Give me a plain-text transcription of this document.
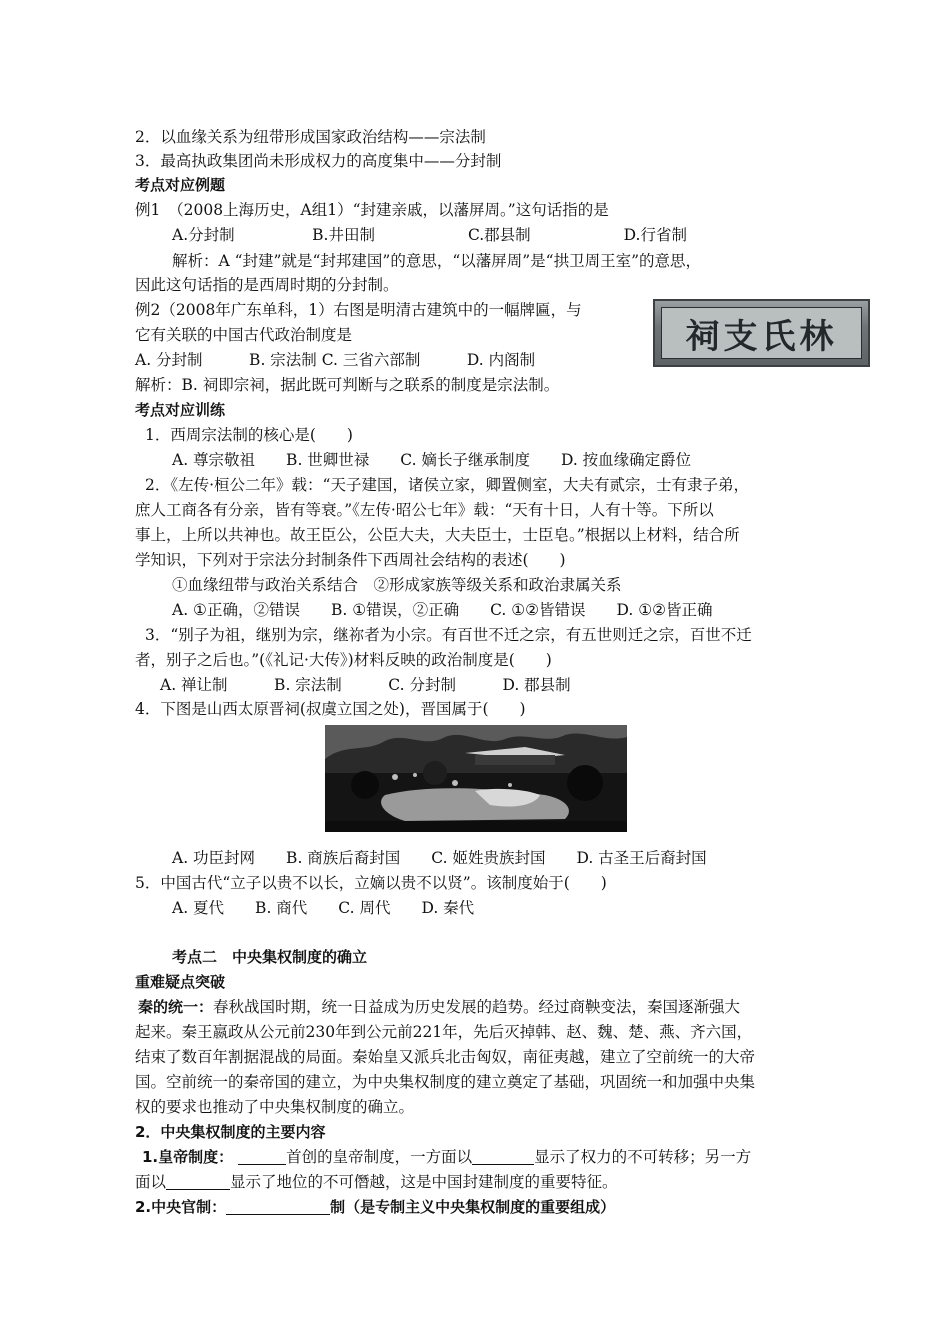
2．以血缘关系为纽带形成国家政治结构——宗法制
3．最高执政集团尚未形成权力的高度集中——分封制
考点对应例题
例1　（2008上海历史，A组1）“封建亲戚，以藩屏周。”这句话指的是
A.分封制　　　　　B.井田制　　　　　　C.郡县制　　　　　　D.行省制
解析：A “封建”就是“封邦建国”的意思，“以藩屏周”是“拱卫周王室”的意思，
因此这句话指的是西周时期的分封制。
例2（2008年广东单科，1）右图是明清古建筑中的一幅牌匾，与
它有关联的中国古代政治制度是
A. 分封制　　　B. 宗法制 C. 三省六部制　　　D. 内阁制
解析：B. 祠即宗祠，据此既可判断与之联系的制度是宗法制。
祠支氏林
考点对应训练
1．西周宗法制的核心是(　　)
A. 尊宗敬祖　　B. 世卿世禄　　C. 嫡长子继承制度　　D. 按血缘确定爵位
2．《左传·桓公二年》载：“天子建国，诸侯立家，卿置侧室，大夫有贰宗，士有隶子弟，
庶人工商各有分亲，皆有等衰。”《左传·昭公七年》载：“天有十日，人有十等。下所以
事上，上所以共神也。故王臣公，公臣大夫，大夫臣士，士臣皂。”根据以上材料，结合所
学知识，下列对于宗法分封制条件下西周社会结构的表述(　　)
①血缘纽带与政治关系结合　②形成家族等级关系和政治隶属关系
A. ①正确，②错误　　B. ①错误，②正确　　C. ①②皆错误　　D. ①②皆正确
3．“别子为祖，继别为宗，继祢者为小宗。有百世不迁之宗，有五世则迁之宗，百世不迁
者，别子之后也。”(《礼记·大传》)材料反映的政治制度是(　　)
A. 禅让制　　　B. 宗法制　　　C. 分封制　　　D. 郡县制
4．下图是山西太原晋祠(叔虞立国之处)，晋国属于(　　)
A. 功臣封网　　B. 商族后裔封国　　C. 姬姓贵族封国　　D. 古圣王后裔封国
5．中国古代“立子以贵不以长，立嫡以贵不以贤”。该制度始于(　　)
A. 夏代　　B. 商代　　C. 周代　　D. 秦代
考点二　中央集权制度的确立
重难疑点突破
秦的统一：春秋战国时期，统一日益成为历史发展的趋势。经过商鞅变法，秦国逐渐强大
起来。秦王嬴政从公元前230年到公元前221年，先后灭掉韩、赵、魏、楚、燕、齐六国，
结束了数百年割据混战的局面。秦始皇又派兵北击匈奴，南征夷越，建立了空前统一的大帝
国。空前统一的秦帝国的建立，为中央集权制度的建立奠定了基础，巩固统一和加强中央集
权的要求也推动了中央集权制度的确立。
2．中央集权制度的主要内容
1.皇帝制度：	首创的皇帝制度，一方面以	显示了权力的不可转移；另一方
面以	显示了地位的不可僭越，这是中国封建制度的重要特征。
2.中央官制：	制（是专制主义中央集权制度的重要组成）
